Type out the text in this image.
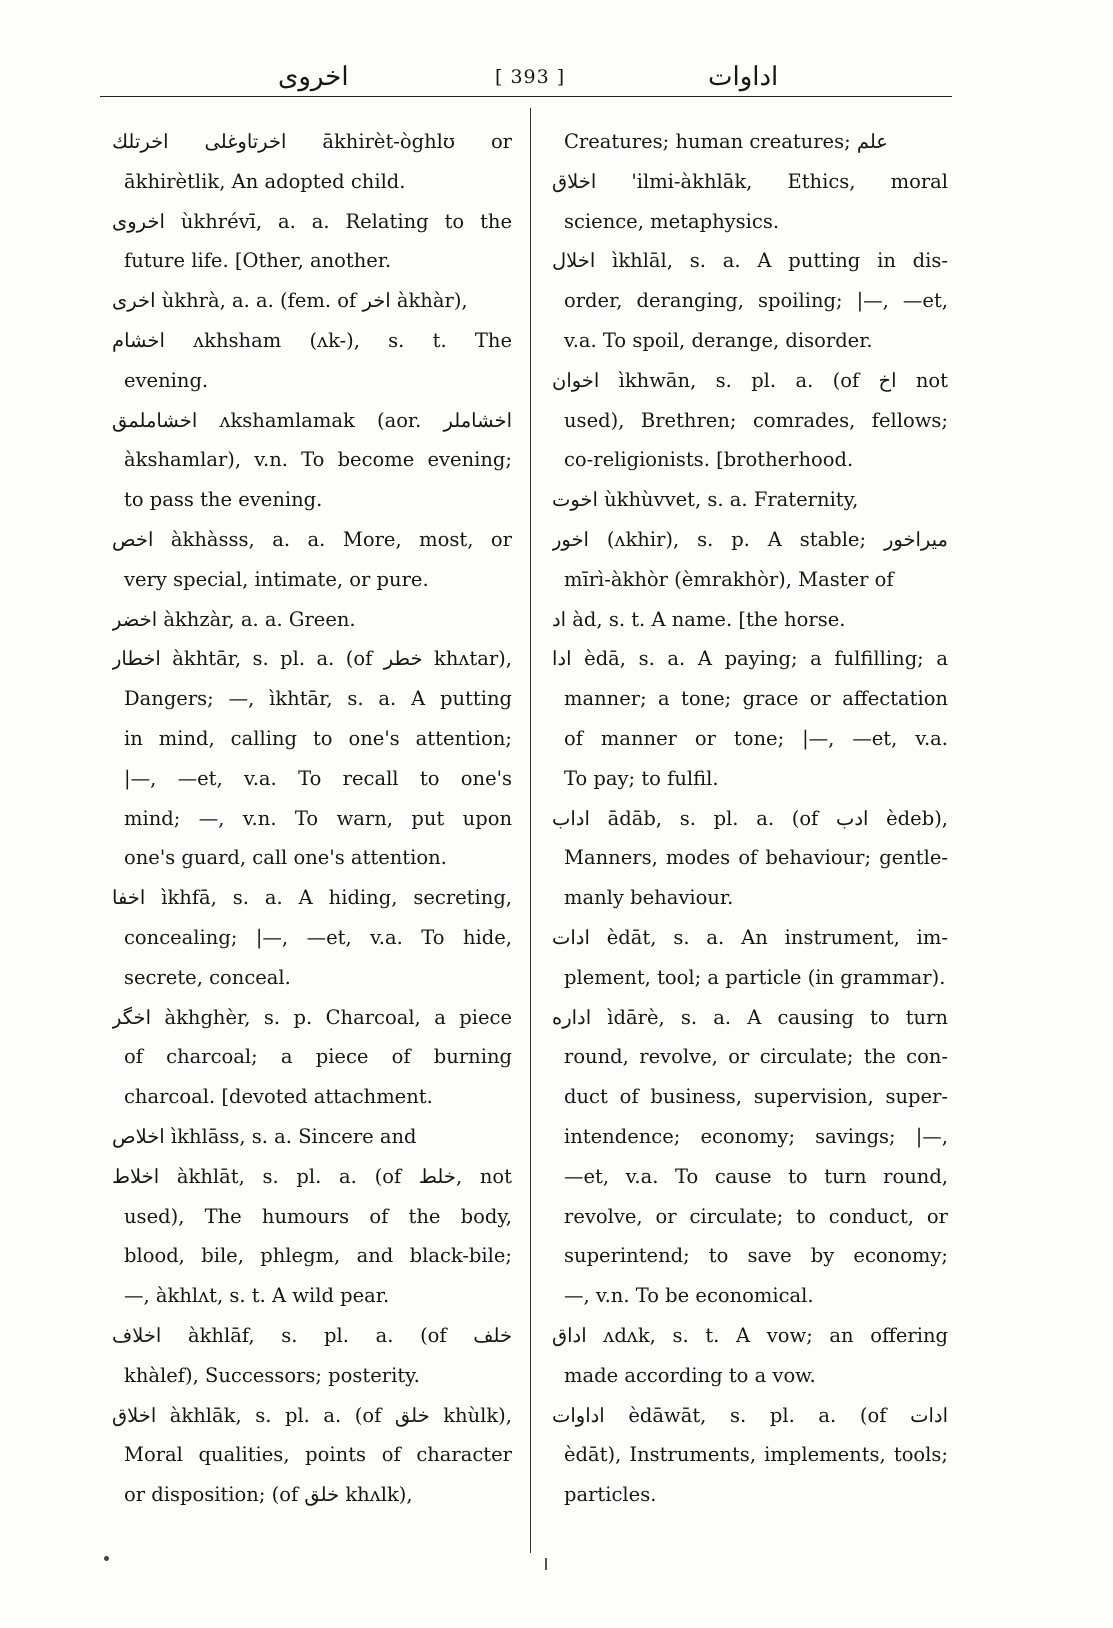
اخروی	[ 393 ]	اداوات
اخرتاوغلی اخرتلك ākhirèt-òghlʊ or
ākhirètlik, An adopted child.
اخروی ùkhrévī, a. a. Relating to the
future life. [Other, another.
اخری ùkhrà, a. a. (fem. of اخر àkhàr),
اخشام ʌkhsham (ʌk-), s. t. The
evening.
اخشاملمق ʌkshamlamak (aor. اخشاملر
àkshamlar), v.n. To become evening;
to pass the evening.
اخص àkhàsss, a. a. More, most, or
very special, intimate, or pure.
اخضر àkhzàr, a. a. Green.
اخطار àkhtār, s. pl. a. (of خطر khʌtar),
Dangers; —, ìkhtār, s. a. A putting
in mind, calling to one's attention;
|—, —et, v.a. To recall to one's
mind; —, v.n. To warn, put upon
one's guard, call one's attention.
اخفا ìkhfā, s. a. A hiding, secreting,
concealing; |—, —et, v.a. To hide,
secrete, conceal.
اخگر àkhghèr, s. p. Charcoal, a piece
of charcoal; a piece of burning
charcoal. [devoted attachment.
اخلاص ìkhlāss, s. a. Sincere and
اخلاط àkhlāt, s. pl. a. (of خلط, not
used), The humours of the body,
blood, bile, phlegm, and black-bile;
—, àkhlʌt, s. t. A wild pear.
اخلاف àkhlāf, s. pl. a. (of خلف
khàlef), Successors; posterity.
اخلاق àkhlāk, s. pl. a. (of خلق khùlk),
Moral qualities, points of character
or disposition; (of خلق khʌlk),
Creatures; human creatures; علم
اخلاق 'ilmi-àkhlāk, Ethics, moral
science, metaphysics.
اخلال ìkhlāl, s. a. A putting in dis-
order, deranging, spoiling; |—, —et,
v.a. To spoil, derange, disorder.
اخوان ìkhwān, s. pl. a. (of اخ not
used), Brethren; comrades, fellows;
co-religionists. [brotherhood.
اخوت ùkhùvvet, s. a. Fraternity,
اخور (ʌkhir), s. p. A stable; میراخور
mīrì-àkhòr (èmrakhòr), Master of
اد àd, s. t. A name. [the horse.
ادا èdā, s. a. A paying; a fulfilling; a
manner; a tone; grace or affectation
of manner or tone; |—, —et, v.a.
To pay; to fulfil.
اداب ādāb, s. pl. a. (of ادب èdeb),
Manners, modes of behaviour; gentle-
manly behaviour.
ادات èdāt, s. a. An instrument, im-
plement, tool; a particle (in grammar).
اداره ìdārè, s. a. A causing to turn
round, revolve, or circulate; the con-
duct of business, supervision, super-
intendence; economy; savings; |—,
—et, v.a. To cause to turn round,
revolve, or circulate; to conduct, or
superintend; to save by economy;
—, v.n. To be economical.
اداق ʌdʌk, s. t. A vow; an offering
made according to a vow.
اداوات èdāwāt, s. pl. a. (of ادات
èdāt), Instruments, implements, tools;
particles.
